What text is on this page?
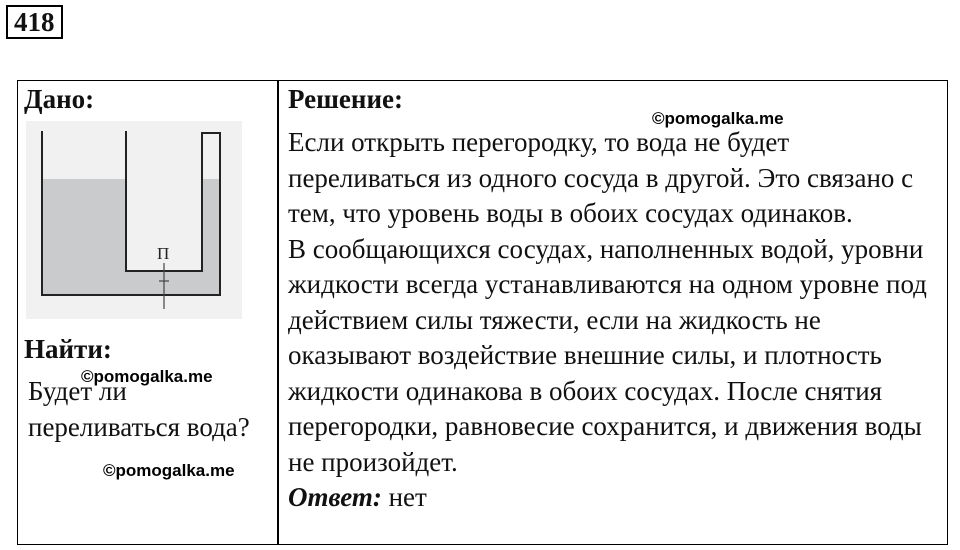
418
Дано:
П
Найти:
Будет ли переливаться вода?
©pomogalka.me
©pomogalka.me
Решение:
©pomogalka.me

Если открыть перегородку, то вода не будет переливаться из одного сосуда в другой. Это связано с тем, что уровень воды в обоих сосудах одинаков.

В сообщающихся сосудах, наполненных водой, уровни жидкости всегда устанавливаются на одном уровне под действием силы тяжести, если на жидкость не оказывают воздействие внешние силы, и плотность жидкости одинакова в обоих сосудах. После снятия перегородки, равновесие сохранится, и движения воды не произойдет.

Ответ: нет
